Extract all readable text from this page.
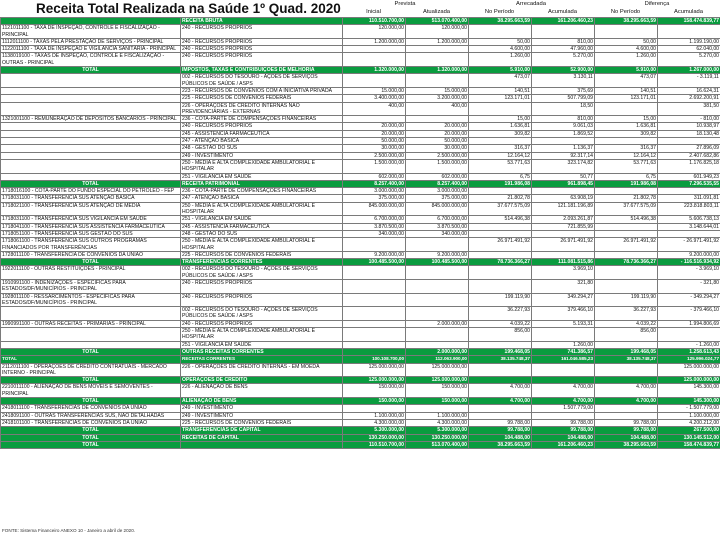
Receita Total Realizada na Saúde 1º Quad. 2020	Prevista	Arrecadada	Diferença
Inicial	Atualizada	No Período	Acumulada	No Período	Acumulada
	RECEITA BRUTA	110.510.700,00	513.070.400,00	38.295.663,59	161.206.460,23	38.295.663,59	158.474.839,77
1121011100 - TAXA DE INSPEÇÃO, CONTROLE E FISCALIZAÇÃO - PRINCIPAL	240 - RECURSOS PRÓPRIOS	120.000,00	120.000,00				
1112011100 - TAXAS PELA PRESTAÇÃO DE SERVIÇOS - PRINCIPAL	240 - RECURSOS PRÓPRIOS	1.200.000,00	1.200.000,00	50,00	810,00	50,00	1.199.190,00
1122011100 - TAXA DE INSPEÇÃO E VIGILÂNCIA SANITÁRIA - PRINCIPAL	240 - RECURSOS PRÓPRIOS			4.600,00	47.960,00	4.600,00	62.040,00
1138019100 - TAXAS DE INSPEÇÃO, CONTROLE E FISCALIZAÇÃO - OUTRAS - PRINCIPAL	240 - RECURSOS PRÓPRIOS			1.260,00	5.270,00	1.260,00	5.270,00
TOTAL	IMPOSTOS, TAXAS E CONTRIBUIÇÕES DE MELHORIA	1.320.000,00	1.320.000,00	5.910,00	52.900,00	5.910,00	1.267.000,00
	002 - RECURSOS DO TESOURO - AÇÕES DE SERVIÇOS PÚBLICOS DE SAÚDE / ASPS			473,07	3.130,11	473,07	- 3.119,11
	223 - RECURSOS DE CONVÊNIOS COM A INICIATIVA PRIVADA	15.000,00	15.000,00	140,51	375,69	140,51	16.624,31
	225 - RECURSOS DE CONVÊNIOS FEDERAIS	3.400.000,00	3.200.000,00	123.171,01	507.799,09	123.171,01	2.692.200,91
	226 - OPERAÇÕES DE CRÉDITO INTERNAS NÃO PREVIDENCIÁRIAS - EXTERNAS	400,00	400,00		18,50		381,50
1321001100 - REMUNERAÇÃO DE DEPÓSITOS BANCÁRIOS - PRINCIPAL	236 - COTA-PARTE DE COMPENSAÇÕES FINANCEIRAS			15,00	810,00	15,00	- 810,00
	240 - RECURSOS PRÓPRIOS	20.000,00	20.000,00	1.636,81	9.061,03	1.636,81	10.938,97
	245 - ASSISTÊNCIA FARMACÊUTICA	20.000,00	20.000,00	309,82	1.869,52	309,82	18.130,48
	247 - ATENÇÃO BÁSICA	50.000,00	50.000,00				
	248 - GESTÃO DO SUS	30.000,00	30.000,00	316,37	1.136,37	316,37	27.896,09
	249 - INVESTIMENTO	2.500.000,00	2.500.000,00	12.164,12	92.317,14	12.164,12	2.407.682,86
	250 - MÉDIA E ALTA COMPLEXIDADE AMBULATORIAL E HOSPITALAR	1.500.000,00	1.500.000,00	53.771,63	323.174,82	53.771,63	1.176.825,18
	251 - VIGILÂNCIA EM SAÚDE	602.000,00	602.000,00	6,75	50,77	6,75	601.949,23
TOTAL	RECEITA PATRIMONIAL	8.257.400,00	8.257.400,00	191.986,08	961.898,45	191.986,08	7.296.535,55
1718016100 - COTA-PARTE DO FUNDO ESPECIAL DO PETRÓLEO - FEP	236 - COTA-PARTE DE COMPENSAÇÕES FINANCEIRAS	3.000.000,00	3.000.000,00				
1718031100 - TRANSFERÊNCIA SUS ATENÇÃO BÁSICA	247 - ATENÇÃO BÁSICA	375.000,00	375.000,00	21.802,78	63.908,19	21.802,78	311.091,81
1718021100 - TRANSFERÊNCIA SUS ATENÇÃO DE MÉDIA	250 - MÉDIA E ALTA COMPLEXIDADE AMBULATORIAL E HOSPITALAR	845.000.000,00	845.000.000,00	37.677.575,09	121.181.196,89	37.677.575,09	223.818.803,11
1718031100 - TRANSFERÊNCIA SUS VIGILÂNCIA EM SAÚDE	251 - VIGILÂNCIA EM SAÚDE	6.700.000,00	6.700.000,00	514.496,38	2.093.261,87	514.496,38	5.606.738,13
1718041100 - TRANSFERÊNCIA SUS ASSISTÊNCIA FARMACÊUTICA	245 - ASSISTÊNCIA FARMACÊUTICA	3.870.500,00	3.870.500,00		721.855,99		3.148.644,01
1718051100 - TRANSFERÊNCIA SUS GESTÃO DO SUS	248 - GESTÃO DO SUS	340.000,00	340.000,00				
1718061100 - TRANSFERÊNCIA SUS OUTROS PROGRAMAS FINANCIADOS POR TRANSFERÊNCIAS	250 - MÉDIA E ALTA COMPLEXIDADE AMBULATORIAL E HOSPITALAR			26.971.491,92	26.971.491,92	26.971.491,92	- 26.971.491,92
1728011100 - TRANSFERÊNCIA DE CONVÊNIOS DA UNIÃO	225 - RECURSOS DE CONVÊNIOS FEDERAIS	9.200.000,00	9.200.000,00				9.200.000,00
TOTAL	TRANSFERÊNCIAS CORRENTES	100.485.500,00	100.485.500,00	78.736.366,27	111.081.515,86	78.736.366,27	- 116.516.934,92
1922011100 - OUTRAS RESTITUIÇÕES - PRINCIPAL	002 - RECURSOS DO TESOURO - AÇÕES DE SERVIÇOS PÚBLICOS DE SAÚDE / ASPS				3.969,10		- 3.969,10
1910991100 - INDENIZAÇÕES - ESPECÍFICAS PARA ESTADOS/DF/MUNICÍPIOS - PRINCIPAL	240 - RECURSOS PRÓPRIOS				321,80		- 321,80
1928011100 - RESSARCIMENTOS - ESPECÍFICAS PARA ESTADOS/DF/MUNICÍPIOS - PRINCIPAL	240 - RECURSOS PRÓPRIOS			199.119,90	349.294,27	199.119,90	- 349.294,27
	002 - RECURSOS DO TESOURO - AÇÕES DE SERVIÇOS PÚBLICOS DE SAÚDE / ASPS			36.227,93	379.466,10	36.227,93	- 379.466,10
1990991100 - OUTRAS RECEITAS - PRIMÁRIAS - PRINCIPAL	240 - RECURSOS PRÓPRIOS		2.000.000,00	4.039,22	5.193,31	4.039,22	1.994.806,69
	250 - MÉDIA E ALTA COMPLEXIDADE AMBULATORIAL E HOSPITALAR			856,00		856,00	
	251 - VIGILÂNCIA EM SAÚDE				1.260,00		- 1.260,00
TOTAL	OUTRAS RECEITAS CORRENTES		2.000.000,00	199.468,05	741.386,57	199.468,05	1.258.613,43
TOTAL	RECEITAS CORRENTES	100.108.700,00	112.063.900,00	38.135.748,37	161.046.585,23	38.135.748,37	125.996.024,77
2112011100 - OPERAÇÕES DE CRÉDITO CONTRATUAIS - MERCADO INTERNO - PRINCIPAL	226 - OPERAÇÕES DE CRÉDITO INTERNAS - EM MOEDA	125.000.000,00	125.000.000,00				125.000.000,00
TOTAL	OPERAÇÕES DE CRÉDITO	125.000.000,00	125.000.000,00				125.000.000,00
2210011100 - ALIENAÇÃO DE BENS MÓVEIS E SEMOVENTES - PRINCIPAL	226 - ALIENAÇÃO DE BENS	150.000,00	150.000,00	4.700,00	4.700,00	4.700,00	145.300,00
TOTAL	ALIENAÇÃO DE BENS	150.000,00	150.000,00	4.700,00	4.700,00	4.700,00	145.300,00
2418011100 - TRANSFERÊNCIAS DE CONVÊNIOS DA UNIÃO	249 - INVESTIMENTO				1.507.779,00		- 1.507.779,00
2418091100 - OUTRAS TRANSFERÊNCIAS SUS, NÃO DETALHADAS	249 - INVESTIMENTO	1.100.000,00	1.100.000,00				1.100.000,00
2418101100 - TRANSFERÊNCIAS DE CONVÊNIOS DA UNIÃO	225 - RECURSOS DE CONVÊNIOS FEDERAIS	4.300.000,00	4.300.000,00	99.788,00	99.788,00	99.788,00	4.200.212,00
TOTAL	TRANSFERÊNCIAS DE CAPITAL	5.300.000,00	5.300.000,00	99.788,00	99.788,00	99.788,00	267.500,00
TOTAL	RECEITAS DE CAPITAL	130.250.000,00	130.250.000,00	104.488,00	104.488,00	104.488,00	130.145.512,00
TOTAL		110.510.700,00	513.070.400,00	38.295.663,59	161.206.460,23	38.295.663,59	158.474.839,77
FONTE: Sistema Financeiro ANEXO 10 - Janeiro a abril de 2020.
